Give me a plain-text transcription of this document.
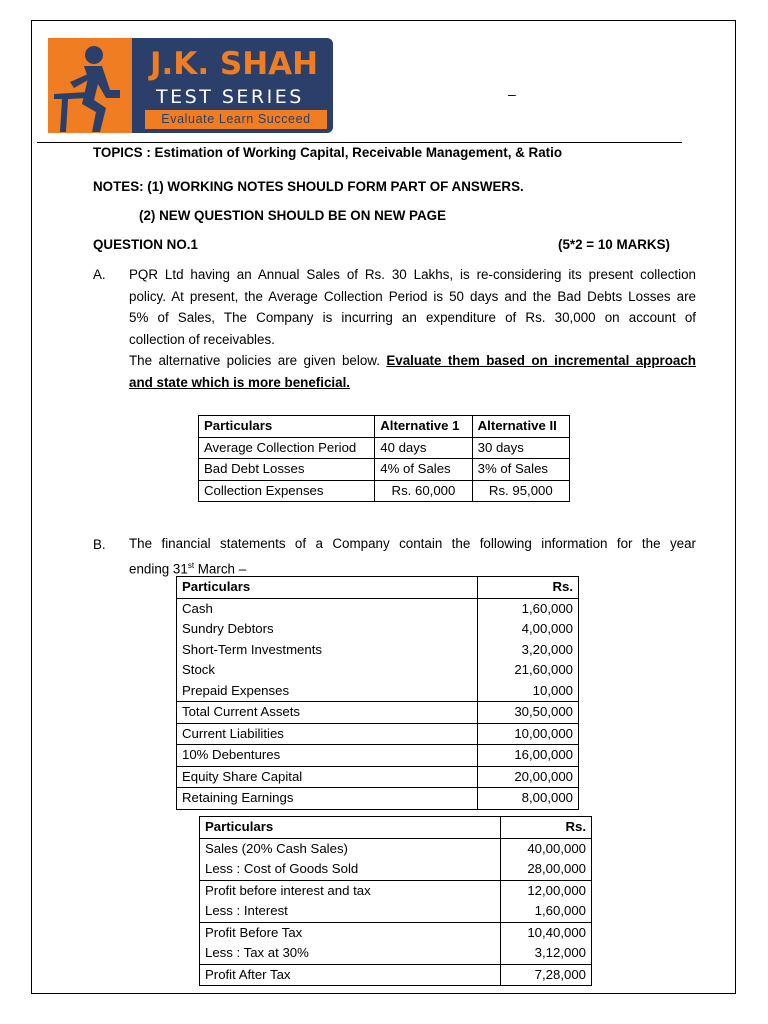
J.K. SHAH	®
TEST SERIES
Evaluate Learn Succeed
–
TOPICS : Estimation of Working Capital, Receivable Management, & Ratio
NOTES: (1) WORKING NOTES SHOULD FORM PART OF ANSWERS.
(2) NEW QUESTION SHOULD BE ON NEW PAGE
QUESTION NO.1	(5*2 = 10 MARKS)
A. PQR Ltd having an Annual Sales of Rs. 30 Lakhs, is re-considering its present collection
policy. At present, the Average Collection Period is 50 days and the Bad Debts Losses are
5% of Sales, The Company is incurring an expenditure of Rs. 30,000 on account of
collection of receivables.
The alternative policies are given below. Evaluate them based on incremental approach
and state which is more beneficial.
Particulars	Alternative 1	Alternative II
Average Collection Period	40 days	30 days
Bad Debt Losses	4% of Sales	3% of Sales
Collection Expenses	Rs. 60,000	Rs. 95,000
B. The financial statements of a Company contain the following information for the year
ending 31st March –
Particulars	Rs.
Cash	1,60,000
Sundry Debtors	4,00,000
Short-Term Investments	3,20,000
Stock	21,60,000
Prepaid Expenses	10,000
Total Current Assets	30,50,000
Current Liabilities	10,00,000
10% Debentures	16,00,000
Equity Share Capital	20,00,000
Retaining Earnings	8,00,000
Particulars	Rs.
Sales (20% Cash Sales)	40,00,000
Less : Cost of Goods Sold	28,00,000
Profit before interest and tax	12,00,000
Less : Interest	1,60,000
Profit Before Tax	10,40,000
Less : Tax at 30%	3,12,000
Profit After Tax	7,28,000
